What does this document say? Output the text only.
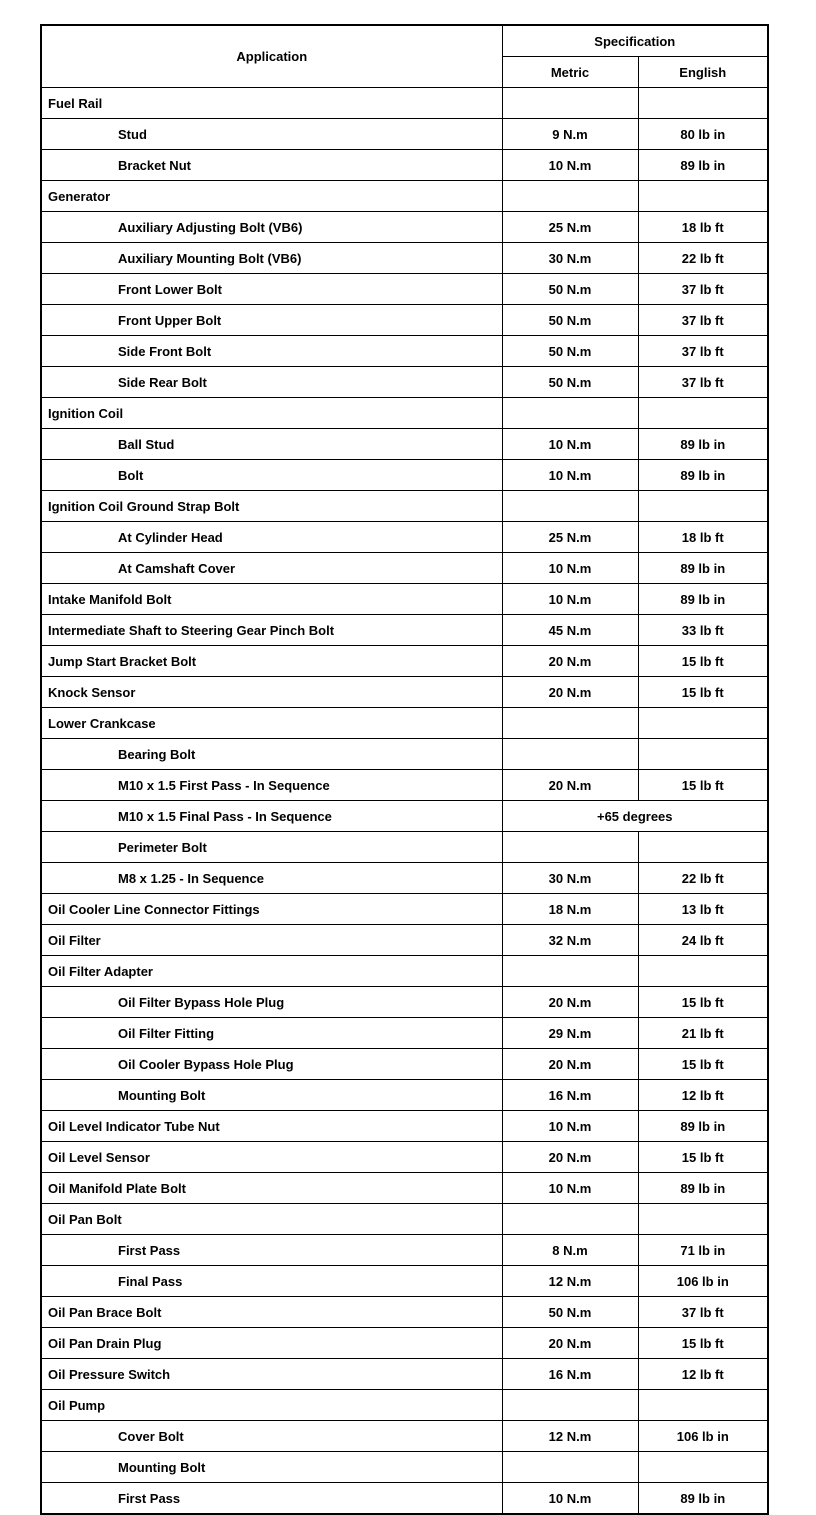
Application	Specification	
	Metric	English
Fuel Rail		
Stud	9 N.m	80 lb in
Bracket Nut	10 N.m	89 lb in
Generator		
Auxiliary Adjusting Bolt (VB6)	25 N.m	18 lb ft
Auxiliary Mounting Bolt (VB6)	30 N.m	22 lb ft
Front Lower Bolt	50 N.m	37 lb ft
Front Upper Bolt	50 N.m	37 lb ft
Side Front Bolt	50 N.m	37 lb ft
Side Rear Bolt	50 N.m	37 lb ft
Ignition Coil		
Ball Stud	10 N.m	89 lb in
Bolt	10 N.m	89 lb in
Ignition Coil Ground Strap Bolt		
At Cylinder Head	25 N.m	18 lb ft
At Camshaft Cover	10 N.m	89 lb in
Intake Manifold Bolt	10 N.m	89 lb in
Intermediate Shaft to Steering Gear Pinch Bolt	45 N.m	33 lb ft
Jump Start Bracket Bolt	20 N.m	15 lb ft
Knock Sensor	20 N.m	15 lb ft
Lower Crankcase		
Bearing Bolt		
M10 x 1.5 First Pass - In Sequence	20 N.m	15 lb ft
M10 x 1.5 Final Pass - In Sequence	+65 degrees	
Perimeter Bolt		
M8 x 1.25 - In Sequence	30 N.m	22 lb ft
Oil Cooler Line Connector Fittings	18 N.m	13 lb ft
Oil Filter	32 N.m	24 lb ft
Oil Filter Adapter		
Oil Filter Bypass Hole Plug	20 N.m	15 lb ft
Oil Filter Fitting	29 N.m	21 lb ft
Oil Cooler Bypass Hole Plug	20 N.m	15 lb ft
Mounting Bolt	16 N.m	12 lb ft
Oil Level Indicator Tube Nut	10 N.m	89 lb in
Oil Level Sensor	20 N.m	15 lb ft
Oil Manifold Plate Bolt	10 N.m	89 lb in
Oil Pan Bolt		
First Pass	8 N.m	71 lb in
Final Pass	12 N.m	106 lb in
Oil Pan Brace Bolt	50 N.m	37 lb ft
Oil Pan Drain Plug	20 N.m	15 lb ft
Oil Pressure Switch	16 N.m	12 lb ft
Oil Pump		
Cover Bolt	12 N.m	106 lb in
Mounting Bolt		
First Pass	10 N.m	89 lb in
